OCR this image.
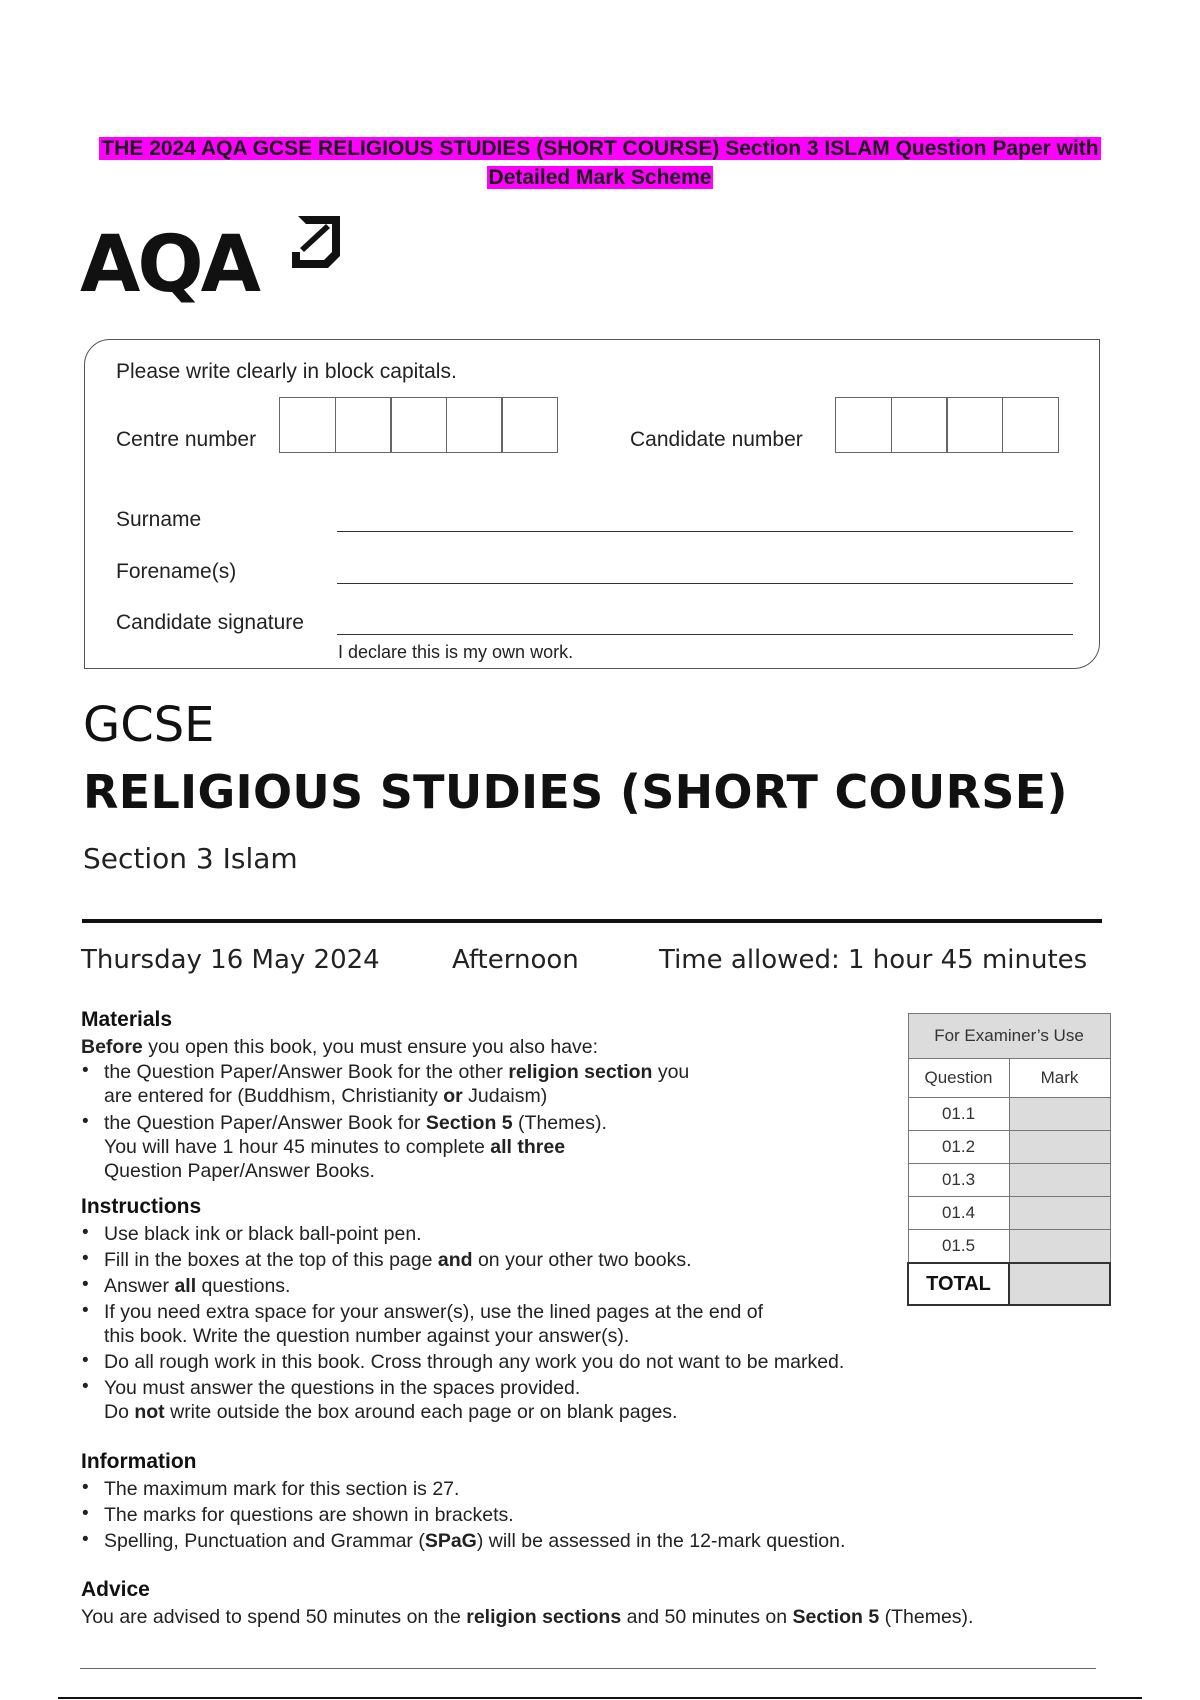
THE 2024 AQA GCSE RELIGIOUS STUDIES (SHORT COURSE) Section 3 ISLAM Question Paper with
Detailed Mark Scheme
AQA
Please write clearly in block capitals.
Centre number	Candidate number
Surname
Forename(s)
Candidate signature
I declare this is my own work.
GCSE
RELIGIOUS STUDIES (SHORT COURSE)
Section 3 Islam
Thursday 16 May 2024	Afternoon	Time allowed: 1 hour 45 minutes
Materials
Before you open this book, you must ensure you also have:
• the Question Paper/Answer Book for the other religion section you
are entered for (Buddhism, Christianity or Judaism)
• the Question Paper/Answer Book for Section 5 (Themes).
You will have 1 hour 45 minutes to complete all three
Question Paper/Answer Books.
Instructions
• Use black ink or black ball-point pen.
• Fill in the boxes at the top of this page and on your other two books.
• Answer all questions.
• If you need extra space for your answer(s), use the lined pages at the end of
this book. Write the question number against your answer(s).
• Do all rough work in this book. Cross through any work you do not want to be marked.
• You must answer the questions in the spaces provided.
Do not write outside the box around each page or on blank pages.
Information
• The maximum mark for this section is 27.
• The marks for questions are shown in brackets.
• Spelling, Punctuation and Grammar (SPaG) will be assessed in the 12-mark question.
Advice
You are advised to spend 50 minutes on the religion sections and 50 minutes on Section 5 (Themes).
For Examiner’s Use	
Question	Mark
01.1	
01.2	
01.3	
01.4	
01.5	
TOTAL	
